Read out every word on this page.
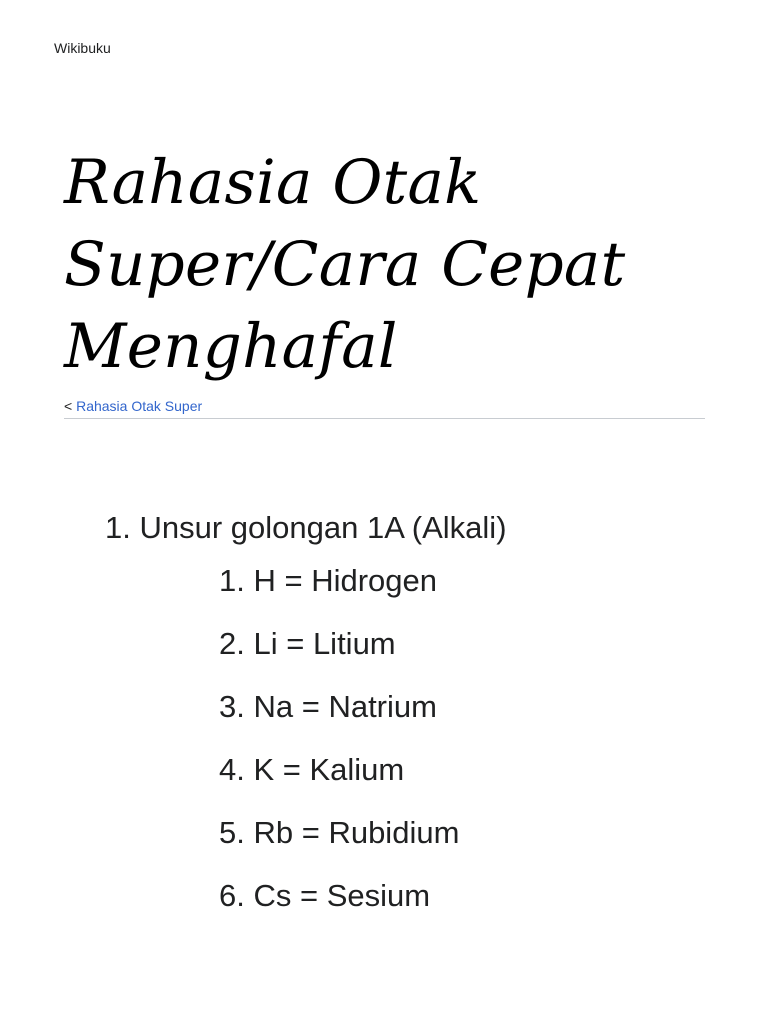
Wikibuku
Rahasia Otak Super/Cara Cepat Menghafal
< Rahasia Otak Super
1. Unsur golongan 1A (Alkali)
1. H = Hidrogen
2. Li = Litium
3. Na = Natrium
4. K = Kalium
5. Rb = Rubidium
6. Cs = Sesium
